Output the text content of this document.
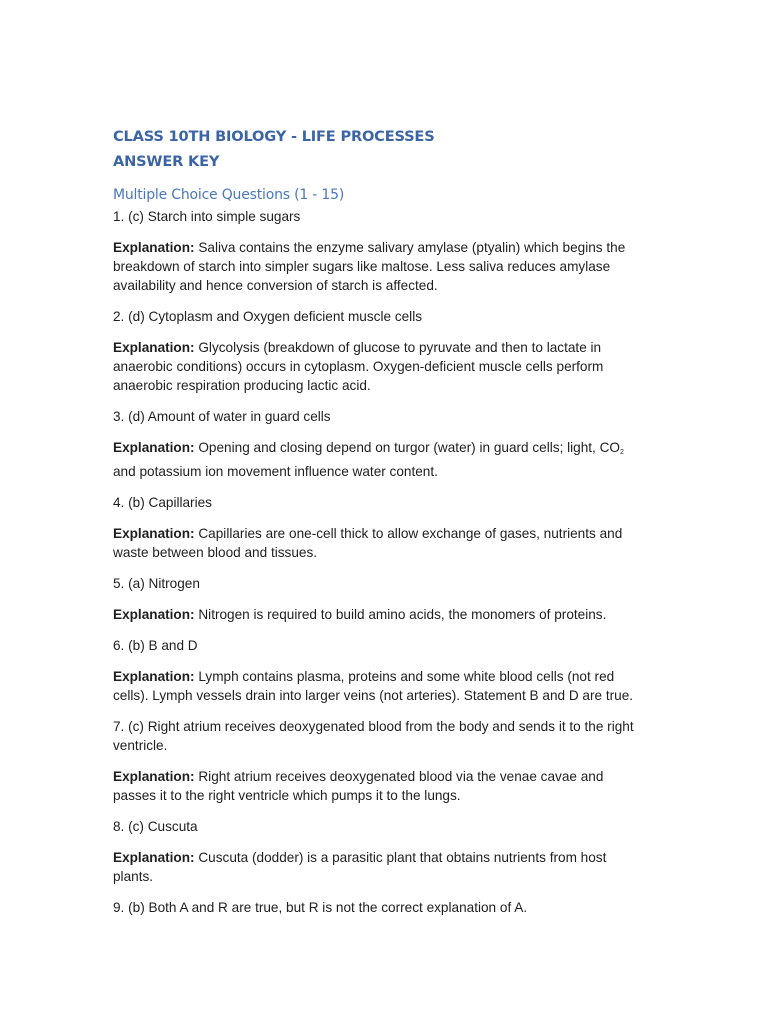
CLASS 10TH BIOLOGY - LIFE PROCESSES
ANSWER KEY
Multiple Choice Questions (1 - 15)
1. (c) Starch into simple sugars
Explanation: Saliva contains the enzyme salivary amylase (ptyalin) which begins the breakdown of starch into simpler sugars like maltose. Less saliva reduces amylase availability and hence conversion of starch is affected.
2. (d) Cytoplasm and Oxygen deficient muscle cells
Explanation: Glycolysis (breakdown of glucose to pyruvate and then to lactate in anaerobic conditions) occurs in cytoplasm. Oxygen-deficient muscle cells perform anaerobic respiration producing lactic acid.
3. (d) Amount of water in guard cells
Explanation: Opening and closing depend on turgor (water) in guard cells; light, $CO_2$ and potassium ion movement influence water content.
4. (b) Capillaries
Explanation: Capillaries are one-cell thick to allow exchange of gases, nutrients and waste between blood and tissues.
5. (a) Nitrogen
Explanation: Nitrogen is required to build amino acids, the monomers of proteins.
6. (b) B and D
Explanation: Lymph contains plasma, proteins and some white blood cells (not red cells). Lymph vessels drain into larger veins (not arteries). Statement B and D are true.
7. (c) Right atrium receives deoxygenated blood from the body and sends it to the right ventricle.
Explanation: Right atrium receives deoxygenated blood via the venae cavae and passes it to the right ventricle which pumps it to the lungs.
8. (c) Cuscuta
Explanation: Cuscuta (dodder) is a parasitic plant that obtains nutrients from host plants.
9. (b) Both A and R are true, but R is not the correct explanation of A.
